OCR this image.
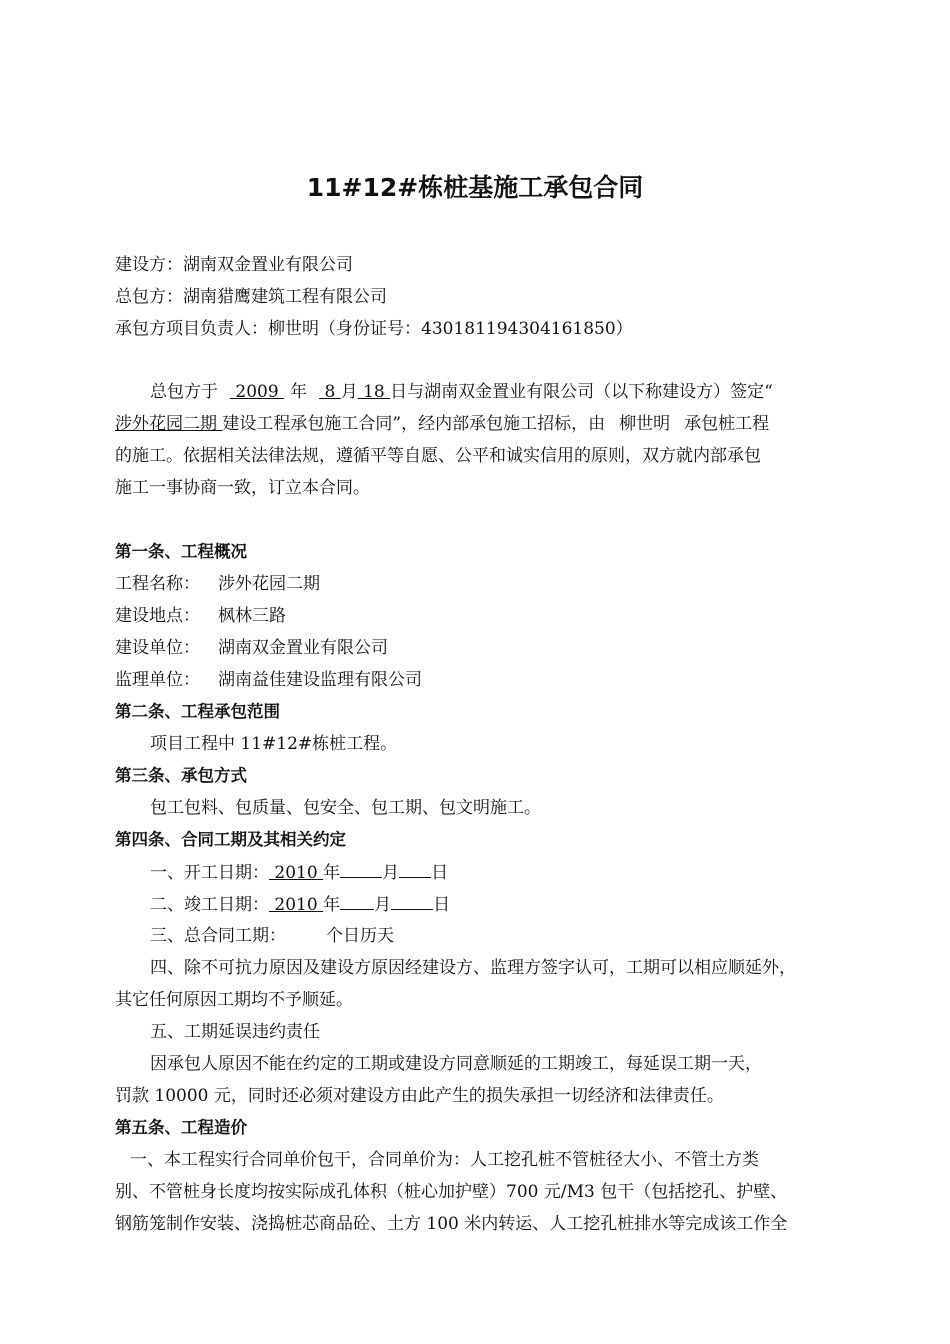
11#12#栋桩基施工承包合同
建设方：湖南双金置业有限公司
总包方：湖南猎鹰建筑工程有限公司
承包方项目负责人：柳世明（身份证号：430181194304161850）
总包方于 2009 年 8 月 18 日与湖南双金置业有限公司（以下称建设方）签定“
涉外花园二期 建设工程承包施工合同”，经内部承包施工招标，由 柳世明 承包桩工程
的施工。依据相关法律法规，遵循平等自愿、公平和诚实信用的原则，双方就内部承包
施工一事协商一致，订立本合同。
第一条、工程概况
工程名称： 涉外花园二期
建设地点： 枫林三路
建设单位： 湖南双金置业有限公司
监理单位： 湖南益佳建设监理有限公司
第二条、工程承包范围
项目工程中 11#12#栋桩工程。
第三条、承包方式
包工包料、包质量、包安全、包工期、包文明施工。
第四条、合同工期及其相关约定
一、开工日期： 2010 年 月 日
二、竣工日期： 2010 年 月 日
三、总合同工期： 个日历天
四、除不可抗力原因及建设方原因经建设方、监理方签字认可，工期可以相应顺延外，
其它任何原因工期均不予顺延。
五、工期延误违约责任
因承包人原因不能在约定的工期或建设方同意顺延的工期竣工，每延误工期一天，
罚款 10000 元，同时还必须对建设方由此产生的损失承担一切经济和法律责任。
第五条、工程造价
一、本工程实行合同单价包干，合同单价为：人工挖孔桩不管桩径大小、不管土方类
别、不管桩身长度均按实际成孔体积（桩心加护壁）700 元/M3 包干（包括挖孔、护壁、
钢筋笼制作安装、浇捣桩芯商品砼、土方 100 米内转运、人工挖孔桩排水等完成该工作全
